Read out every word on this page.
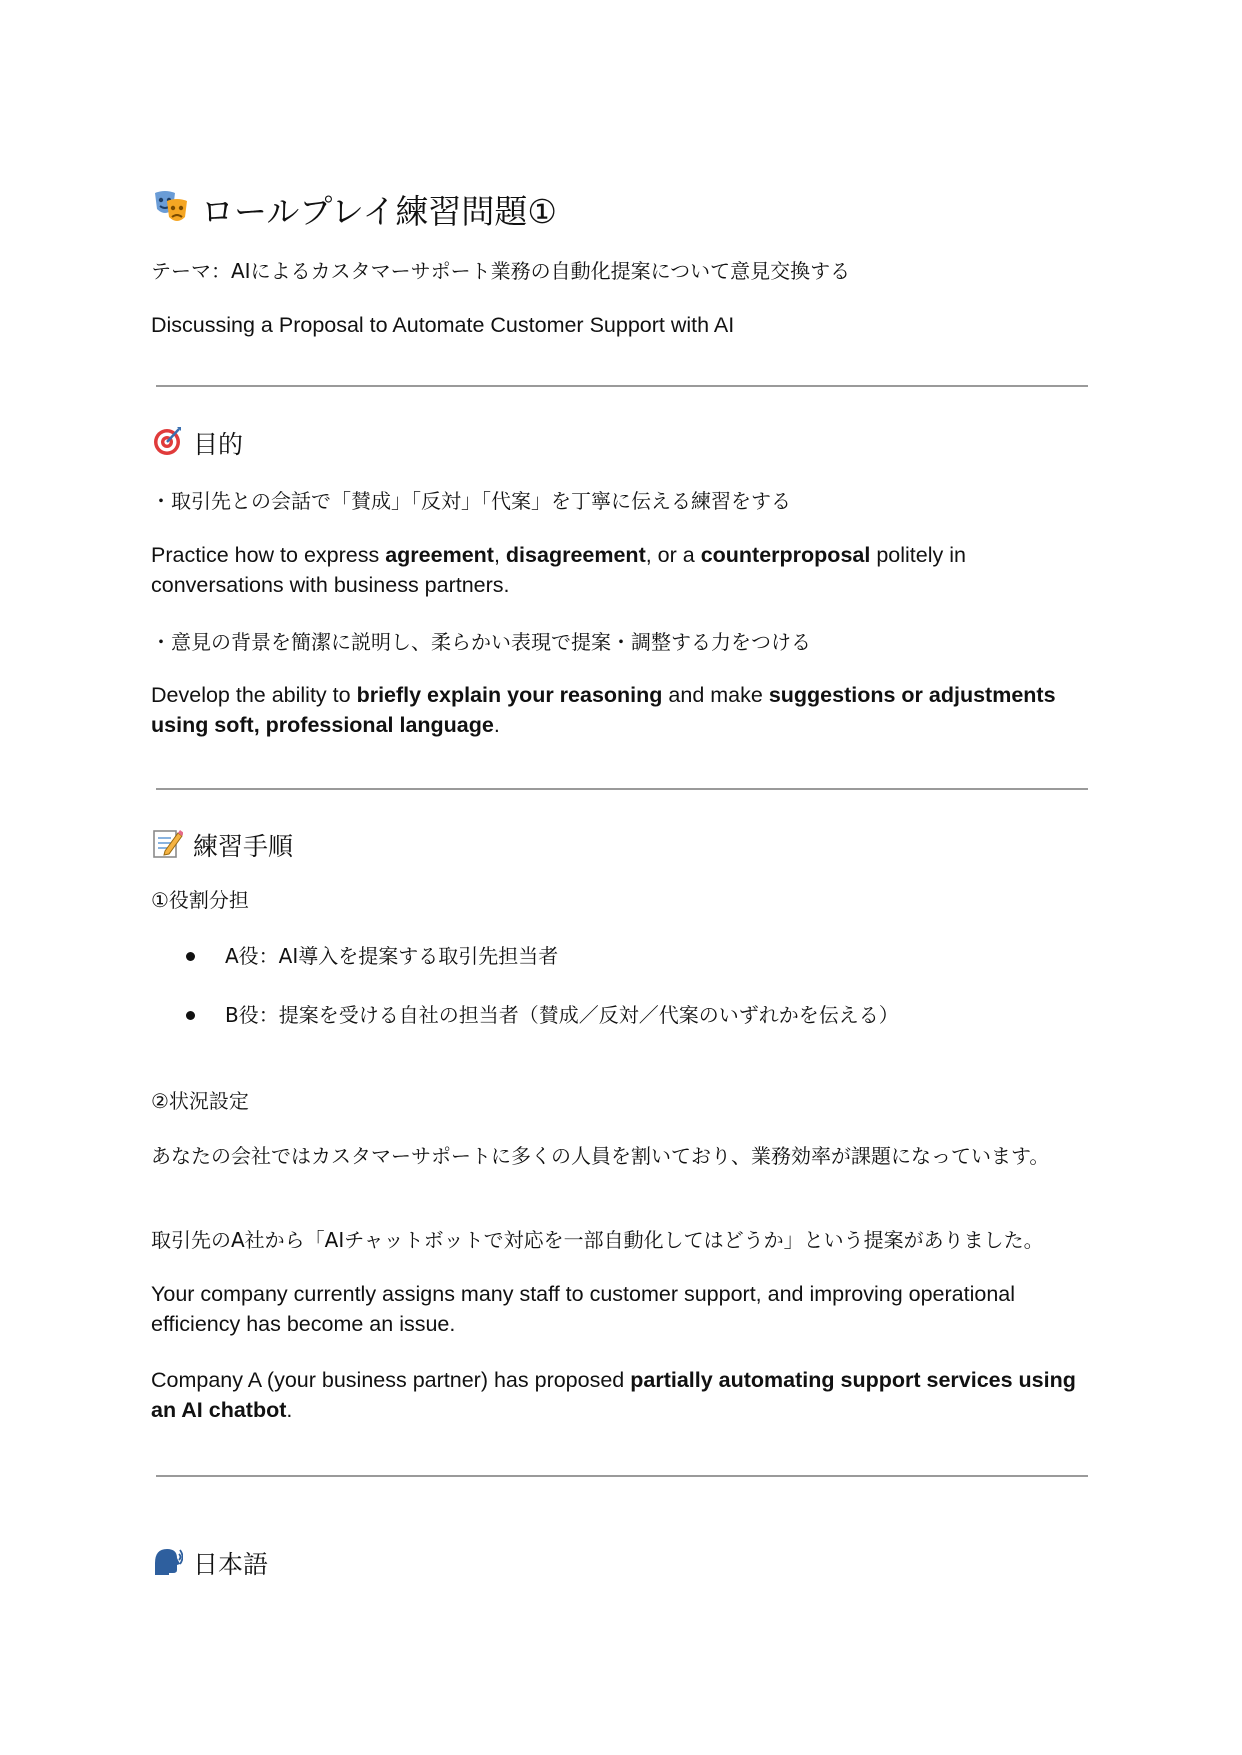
ロールプレイ練習問題①
テーマ：AIによるカスタマーサポート業務の自動化提案について意見交換する
Discussing a Proposal to Automate Customer Support with AI
目的
・取引先との会話で「賛成」「反対」「代案」を丁寧に伝える練習をする
Practice how to express agreement, disagreement, or a counterproposal politely in conversations with business partners.
・意見の背景を簡潔に説明し、柔らかい表現で提案・調整する力をつける
Develop the ability to briefly explain your reasoning and make suggestions or adjustments using soft, professional language.
練習手順
①役割分担
A役：AI導入を提案する取引先担当者
B役：提案を受ける自社の担当者（賛成／反対／代案のいずれかを伝える）
②状況設定
あなたの会社ではカスタマーサポートに多くの人員を割いており、業務効率が課題になっています。
取引先のA社から「AIチャットボットで対応を一部自動化してはどうか」という提案がありました。
Your company currently assigns many staff to customer support, and improving operational efficiency has become an issue.
Company A (your business partner) has proposed partially automating support services using an AI chatbot.
日本語
